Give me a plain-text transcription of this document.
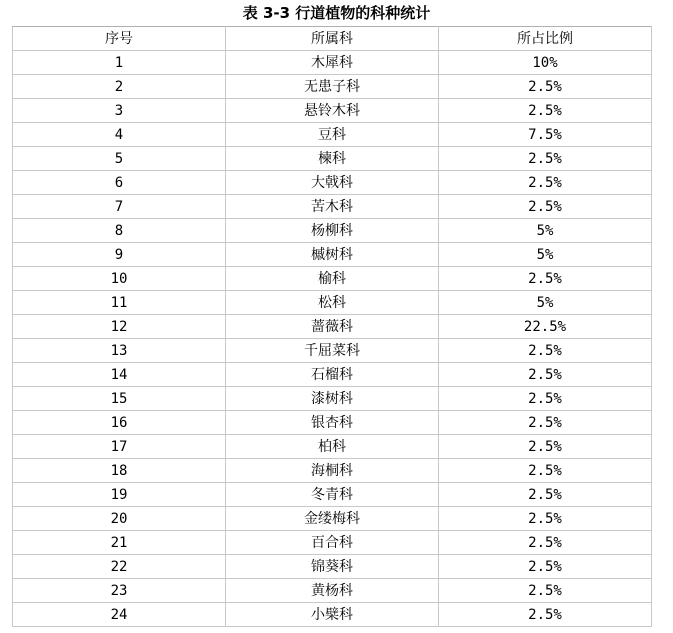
表 3-3 行道植物的科种统计
序号	所属科	所占比例
1	木犀科	10%
2	无患子科	2.5%
3	悬铃木科	2.5%
4	豆科	7.5%
5	楝科	2.5%
6	大戟科	2.5%
7	苦木科	2.5%
8	杨柳科	5%
9	槭树科	5%
10	榆科	2.5%
11	松科	5%
12	蔷薇科	22.5%
13	千屈菜科	2.5%
14	石榴科	2.5%
15	漆树科	2.5%
16	银杏科	2.5%
17	柏科	2.5%
18	海桐科	2.5%
19	冬青科	2.5%
20	金缕梅科	2.5%
21	百合科	2.5%
22	锦葵科	2.5%
23	黄杨科	2.5%
24	小檗科	2.5%
